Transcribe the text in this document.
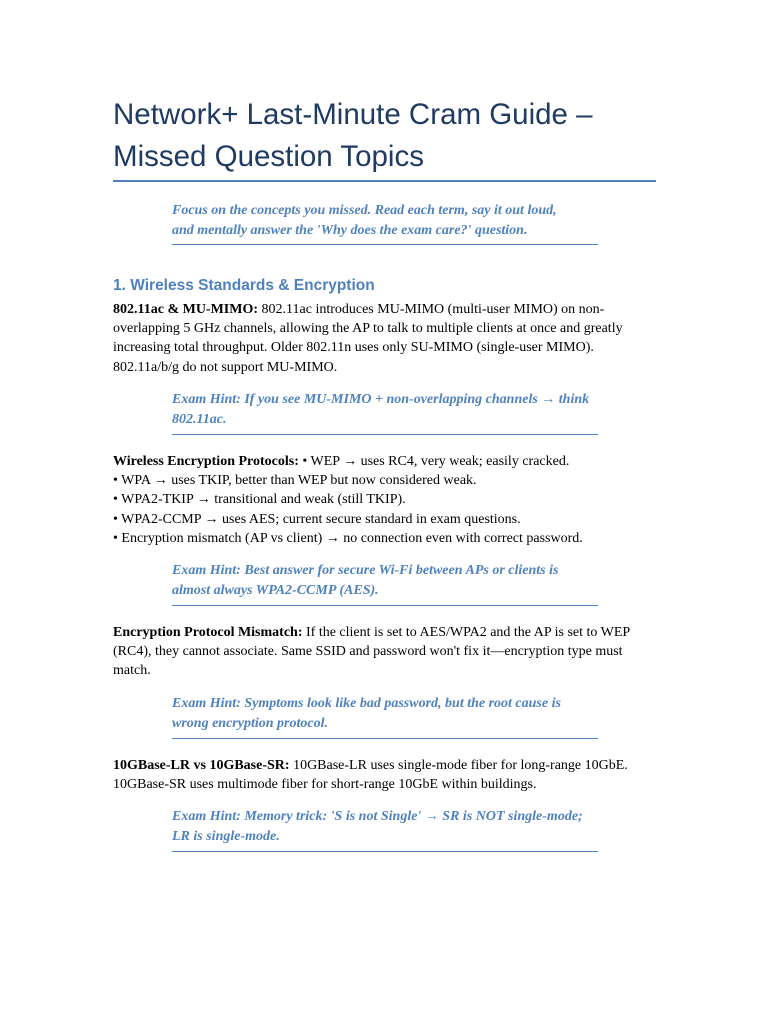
Network+ Last-Minute Cram Guide –
Missed Question Topics
Focus on the concepts you missed. Read each term, say it out loud,
and mentally answer the 'Why does the exam care?' question.
1. Wireless Standards & Encryption

802.11ac & MU-MIMO: 802.11ac introduces MU-MIMO (multi-user MIMO) on non-
overlapping 5 GHz channels, allowing the AP to talk to multiple clients at once and greatly
increasing total throughput. Older 802.11n uses only SU-MIMO (single-user MIMO).
802.11a/b/g do not support MU-MIMO.

Exam Hint: If you see MU-MIMO + non-overlapping channels → think
802.11ac.

Wireless Encryption Protocols: • WEP → uses RC4, very weak; easily cracked.
• WPA → uses TKIP, better than WEP but now considered weak.
• WPA2-TKIP → transitional and weak (still TKIP).
• WPA2-CCMP → uses AES; current secure standard in exam questions.
• Encryption mismatch (AP vs client) → no connection even with correct password.

Exam Hint: Best answer for secure Wi-Fi between APs or clients is
almost always WPA2-CCMP (AES).

Encryption Protocol Mismatch: If the client is set to AES/WPA2 and the AP is set to WEP
(RC4), they cannot associate. Same SSID and password won't fix it—encryption type must
match.

Exam Hint: Symptoms look like bad password, but the root cause is
wrong encryption protocol.

10GBase-LR vs 10GBase-SR: 10GBase-LR uses single-mode fiber for long-range 10GbE.
10GBase-SR uses multimode fiber for short-range 10GbE within buildings.

Exam Hint: Memory trick: 'S is not Single' → SR is NOT single-mode;
LR is single-mode.
